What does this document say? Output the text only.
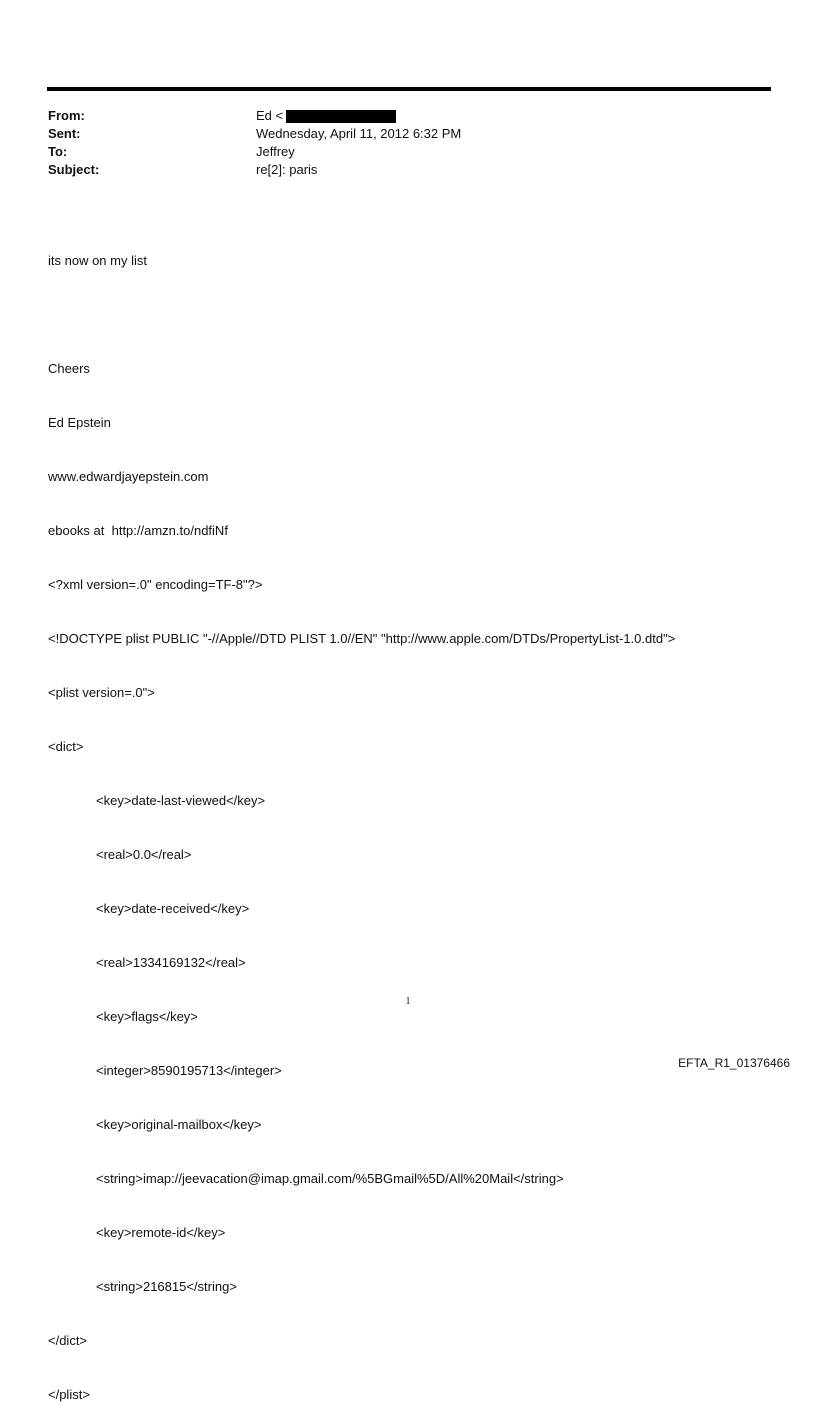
From:	Ed <
Sent:	Wednesday, April 11, 2012 6:32 PM
To:	Jeffrey
Subject:	re[2]: paris

its now on my list

Cheers

Ed Epstein

www.edwardjayepstein.com

ebooks at  http://amzn.to/ndfiNf

<?xml version=.0" encoding=TF-8"?>

<!DOCTYPE plist PUBLIC "-//Apple//DTD PLIST 1.0//EN" "http://www.apple.com/DTDs/PropertyList-1.0.dtd">

<plist version=.0">

<dict>

<key>date-last-viewed</key>

<real>0.0</real>

<key>date-received</key>

<real>1334169132</real>

<key>flags</key>

<integer>8590195713</integer>

<key>original-mailbox</key>

<string>imap://jeevacation@imap.gmail.com/%5BGmail%5D/All%20Mail</string>

<key>remote-id</key>

<string>216815</string>

</dict>

</plist>

1
EFTA_R1_01376466
